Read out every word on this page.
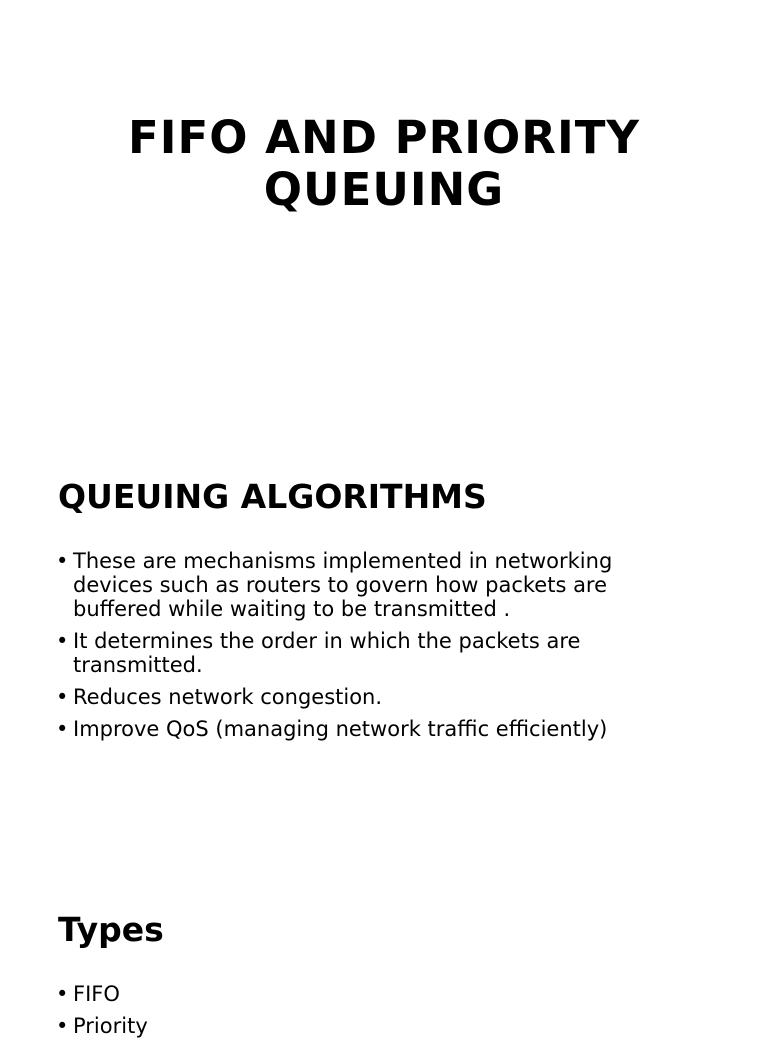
FIFO AND PRIORITY
QUEUING
QUEUING ALGORITHMS
• These are mechanisms implemented in networking devices such as routers to govern how packets are buffered while waiting to be transmitted .
• It determines the order in which the packets are transmitted.
• Reduces network congestion.
• Improve QoS (managing network traffic efficiently)
Types
• FIFO
• Priority
